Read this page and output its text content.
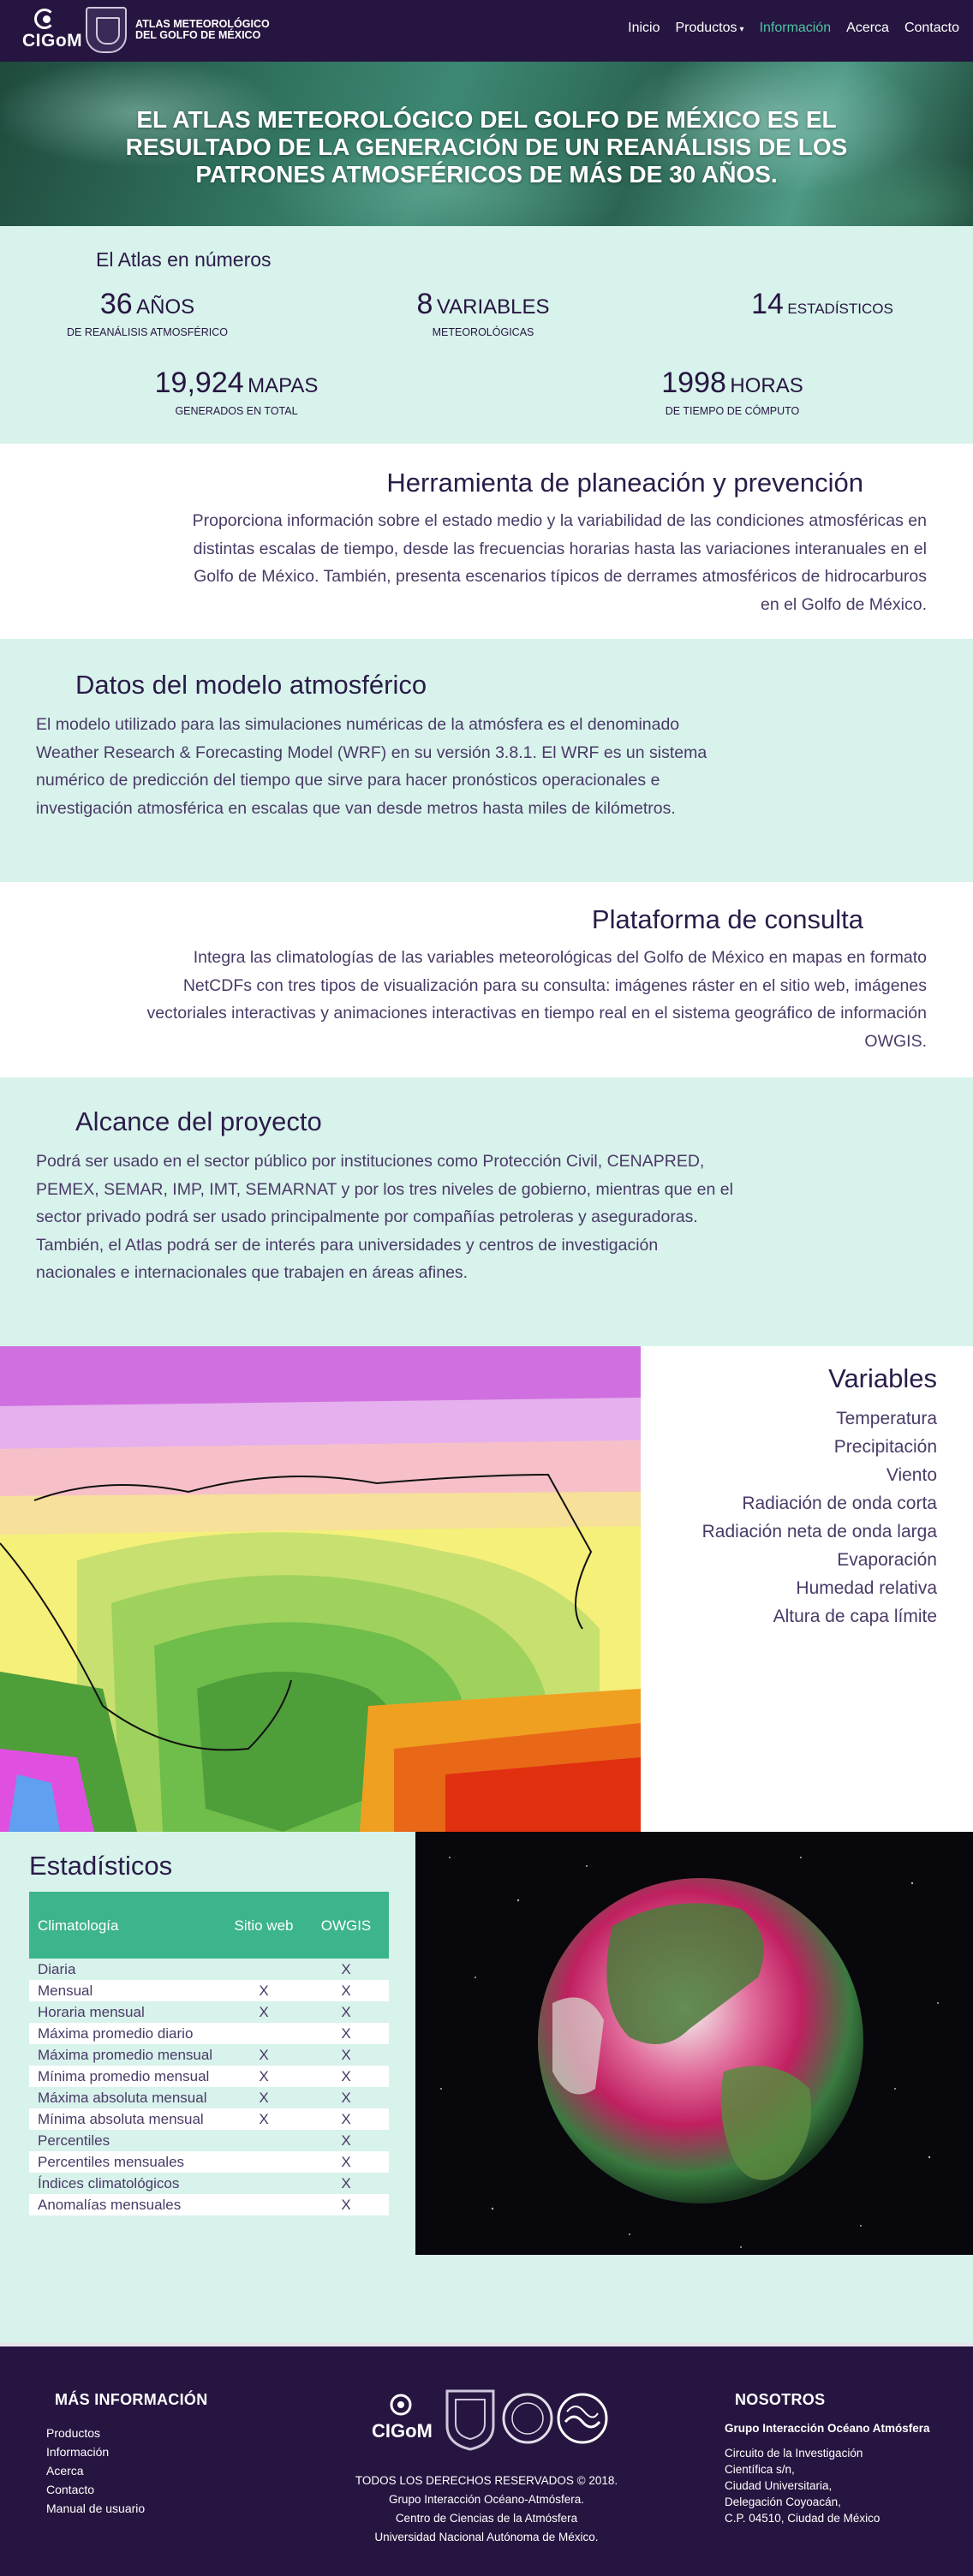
CIGoM
ATLAS METEOROLÓGICO
DEL GOLFO DE MÉXICO	Inicio Productos ▾ Información Acerca Contacto
EL ATLAS METEOROLÓGICO DEL GOLFO DE MÉXICO ES EL RESULTADO DE LA GENERACIÓN DE UN REANÁLISIS DE LOS PATRONES ATMOSFÉRICOS DE MÁS DE 30 AÑOS.
El Atlas en números
36 AÑOS
DE REANÁLISIS ATMOSFÉRICO
8 VARIABLES
METEOROLÓGICAS
14 ESTADÍSTICOS
19,924 MAPAS
GENERADOS EN TOTAL
1998 HORAS
DE TIEMPO DE CÓMPUTO
Herramienta de planeación y prevención

Proporciona información sobre el estado medio y la variabilidad de las condiciones atmosféricas en distintas escalas de tiempo, desde las frecuencias horarias hasta las variaciones interanuales en el Golfo de México. También, presenta escenarios típicos de derrames atmosféricos de hidrocarburos en el Golfo de México.

Datos del modelo atmosférico

El modelo utilizado para las simulaciones numéricas de la atmósfera es el denominado Weather Research & Forecasting Model (WRF) en su versión 3.8.1. El WRF es un sistema numérico de predicción del tiempo que sirve para hacer pronósticos operacionales e investigación atmosférica en escalas que van desde metros hasta miles de kilómetros.

Plataforma de consulta

Integra las climatologías de las variables meteorológicas del Golfo de México en mapas en formato NetCDFs con tres tipos de visualización para su consulta: imágenes ráster en el sitio web, imágenes vectoriales interactivas y animaciones interactivas en tiempo real en el sistema geográfico de información OWGIS.

Alcance del proyecto

Podrá ser usado en el sector público por instituciones como Protección Civil, CENAPRED, PEMEX, SEMAR, IMP, IMT, SEMARNAT y por los tres niveles de gobierno, mientras que en el sector privado podrá ser usado principalmente por compañías petroleras y aseguradoras. También, el Atlas podrá ser de interés para universidades y centros de investigación nacionales e internacionales que trabajen en áreas afines.

Variables
Temperatura
Precipitación
Viento
Radiación de onda corta
Radiación neta de onda larga
Evaporación
Humedad relativa
Altura de capa límite
Estadísticos
Climatología	Sitio web	OWGIS
Diaria		X
Mensual	X	X
Horaria mensual	X	X
Máxima promedio diario		X
Máxima promedio mensual	X	X
Mínima promedio mensual	X	X
Máxima absoluta mensual	X	X
Mínima absoluta mensual	X	X
Percentiles		X
Percentiles mensuales		X
Índices climatológicos		X
Anomalías mensuales		X
MÁS INFORMACIÓN
Productos
Información
Acerca
Contacto
Manual de usuario
CIGoM
TODOS LOS DERECHOS RESERVADOS © 2018.
Grupo Interacción Océano-Atmósfera.
Centro de Ciencias de la Atmósfera
Universidad Nacional Autónoma de México.
NOSOTROS
Grupo Interacción Océano Atmósfera
Circuito de la Investigación
Científica s/n,
Ciudad Universitaria,
Delegación Coyoacán,
C.P. 04510, Ciudad de México
